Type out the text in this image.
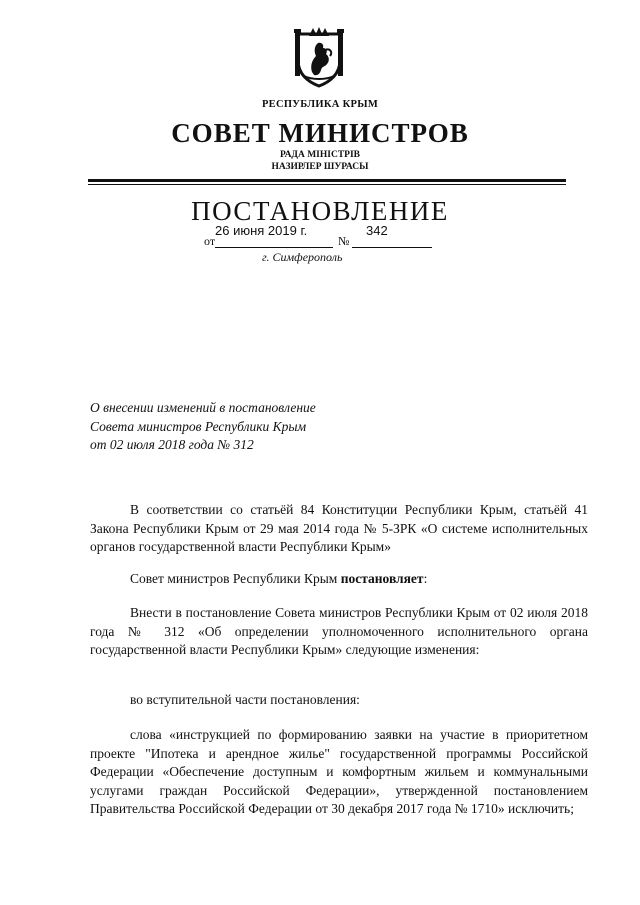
РЕСПУБЛИКА КРЫМ
СОВЕТ МИНИСТРОВ
РАДА МІНІСТРІВ
НАЗИРЛЕР ШУРАСЫ
ПОСТАНОВЛЕНИЕ
от
26 июня 2019 г.
№
342
г. Симферополь
О внесении изменений в постановление
Совета министров Республики Крым
от 02 июля 2018 года № 312
В соответствии со статьёй 84 Конституции Республики Крым, статьёй 41 Закона Республики Крым от 29 мая 2014 года № 5-ЗРК «О системе исполнительных органов государственной власти Республики Крым»
Совет министров Республики Крым постановляет:
Внести в постановление Совета министров Республики Крым от 02 июля 2018 года № 312 «Об определении уполномоченного исполнительного органа государственной власти Республики Крым» следующие изменения:
во вступительной части постановления:
слова «инструкцией по формированию заявки на участие в приоритетном проекте "Ипотека и арендное жилье" государственной программы Российской Федерации «Обеспечение доступным и комфортным жильем и коммунальными услугами граждан Российской Федерации», утвержденной постановлением Правительства Российской Федерации от 30 декабря 2017 года № 1710» исключить;
